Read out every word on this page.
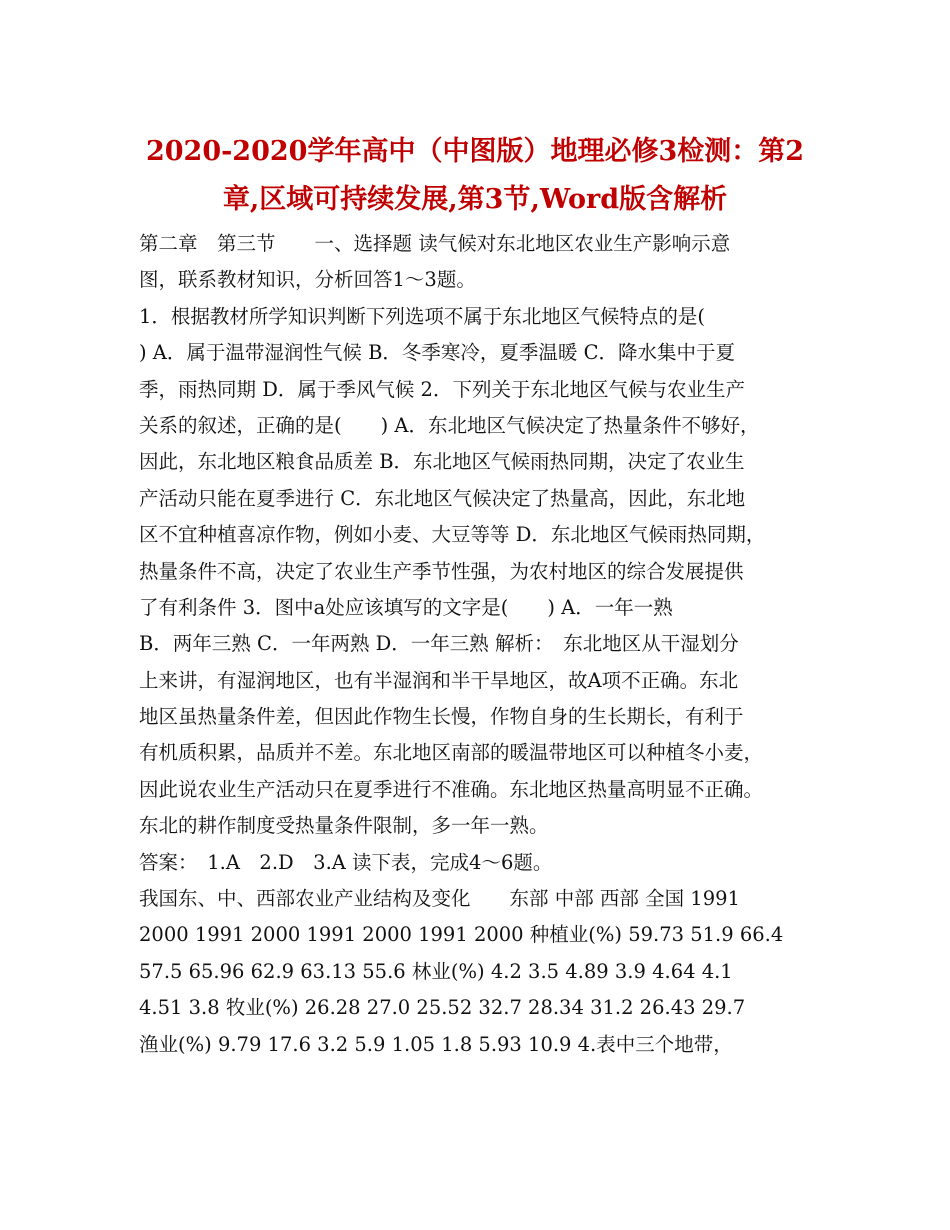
2020-2020学年高中（中图版）地理必修3检测：第2
章,区域可持续发展,第3节,Word版含解析
第二章　第三节　　一、选择题 读气候对东北地区农业生产影响示意
图，联系教材知识，分析回答1～3题。
1．根据教材所学知识判断下列选项不属于东北地区气候特点的是(
) A．属于温带湿润性气候 B．冬季寒冷，夏季温暖 C．降水集中于夏
季，雨热同期 D．属于季风气候 2．下列关于东北地区气候与农业生产
关系的叙述，正确的是(　　) A．东北地区气候决定了热量条件不够好，
因此，东北地区粮食品质差 B．东北地区气候雨热同期，决定了农业生
产活动只能在夏季进行 C．东北地区气候决定了热量高，因此，东北地
区不宜种植喜凉作物，例如小麦、大豆等等 D．东北地区气候雨热同期，
热量条件不高，决定了农业生产季节性强，为农村地区的综合发展提供
了有利条件 3．图中a处应该填写的文字是(　　) A．一年一熟
B．两年三熟 C．一年两熟 D．一年三熟 解析：　东北地区从干湿划分
上来讲，有湿润地区，也有半湿润和半干旱地区，故A项不正确。东北
地区虽热量条件差，但因此作物生长慢，作物自身的生长期长，有利于
有机质积累，品质并不差。东北地区南部的暖温带地区可以种植冬小麦，
因此说农业生产活动只在夏季进行不准确。东北地区热量高明显不正确。
东北的耕作制度受热量条件限制，多一年一熟。
答案：　1.A　2.D　3.A 读下表，完成4～6题。
我国东、中、西部农业产业结构及变化　　东部 中部 西部 全国 1991
2000 1991 2000 1991 2000 1991 2000 种植业(%) 59.73 51.9 66.4
57.5 65.96 62.9 63.13 55.6 林业(%) 4.2 3.5 4.89 3.9 4.64 4.1
4.51 3.8 牧业(%) 26.28 27.0 25.52 32.7 28.34 31.2 26.43 29.7
渔业(%) 9.79 17.6 3.2 5.9 1.05 1.8 5.93 10.9 4.表中三个地带，
